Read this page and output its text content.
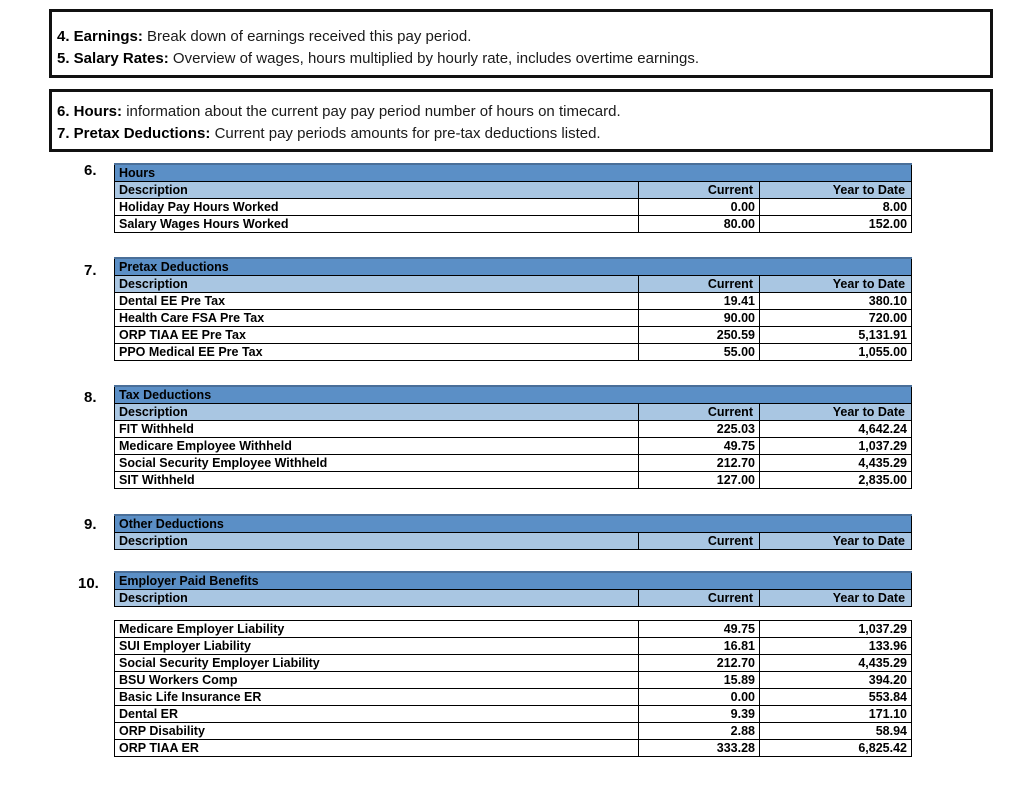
4. Earnings: Break down of earnings received this pay period.
5. Salary Rates: Overview of wages, hours multiplied by hourly rate, includes overtime earnings.
6. Hours: information about the current pay pay period number of hours on timecard.
7. Pretax Deductions: Current pay periods amounts for pre-tax deductions listed.
6. Hours		
Description	Current	Year to Date
Holiday Pay Hours Worked	0.00	8.00
Salary Wages Hours Worked	80.00	152.00
7. Pretax Deductions		
Description	Current	Year to Date
Dental EE Pre Tax	19.41	380.10
Health Care FSA Pre Tax	90.00	720.00
ORP TIAA EE Pre Tax	250.59	5,131.91
PPO Medical EE Pre Tax	55.00	1,055.00
8. Tax Deductions		
Description	Current	Year to Date
FIT Withheld	225.03	4,642.24
Medicare Employee Withheld	49.75	1,037.29
Social Security Employee Withheld	212.70	4,435.29
SIT Withheld	127.00	2,835.00
9. Other Deductions
Description	Current	Year to Date
10. Employer Paid Benefits
Description	Current	Year to Date
Medicare Employer Liability	49.75	1,037.29
SUI Employer Liability	16.81	133.96
Social Security Employer Liability	212.70	4,435.29
BSU Workers Comp	15.89	394.20
Basic Life Insurance ER	0.00	553.84
Dental ER	9.39	171.10
ORP Disability	2.88	58.94
ORP TIAA ER	333.28	6,825.42
